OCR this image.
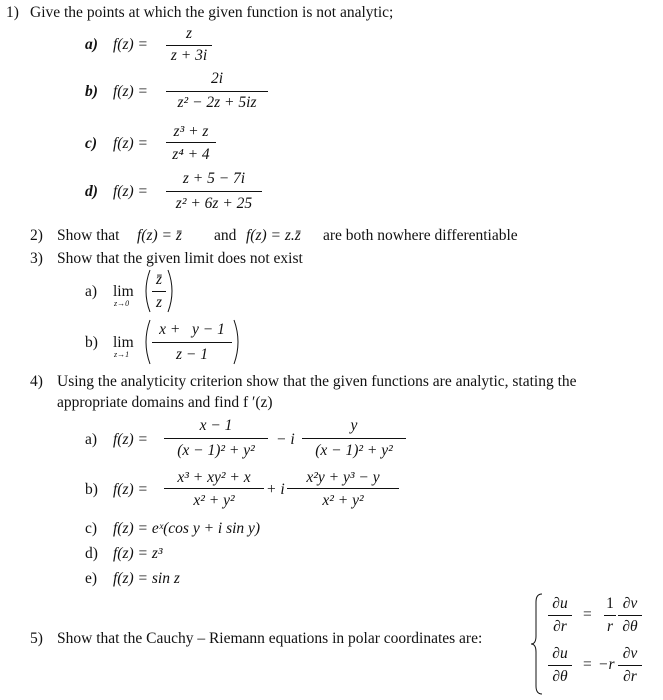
1) Give the points at which the given function is not analytic;
a) f(z) =
z
z + 3i
b) f(z) =
2i
z² − 2z + 5iz
c) f(z) =
z³ + z
z⁴ + 4
d) f(z) =
z + 5 − 7i
z² + 6z + 25
2) Show that f(z) = z̄ and f(z) = z.z̄ are both nowhere differentiable
3) Show that the given limit does not exist
a) lim
z→0
z̄
z
b) lim
z→1
x +   y − 1
z − 1
4) Using the analyticity criterion show that the given functions are analytic, stating the
appropriate domains and find f ′(z)
a) f(z) =
x − 1
(x − 1)² + y²
− i
y
(x − 1)² + y²
b) f(z) =
x³ + xy² + x
x² + y²
+ i
x²y + y³ − y
x² + y²
c) f(z) = eˣ(cos y + i sin y)
d) f(z) = z³
e) f(z) = sin z
5) Show that the Cauchy – Riemann equations in polar coordinates are:
∂u
∂r
=
1
r
∂v
∂θ
∂u
∂θ
= −r
∂v
∂r
